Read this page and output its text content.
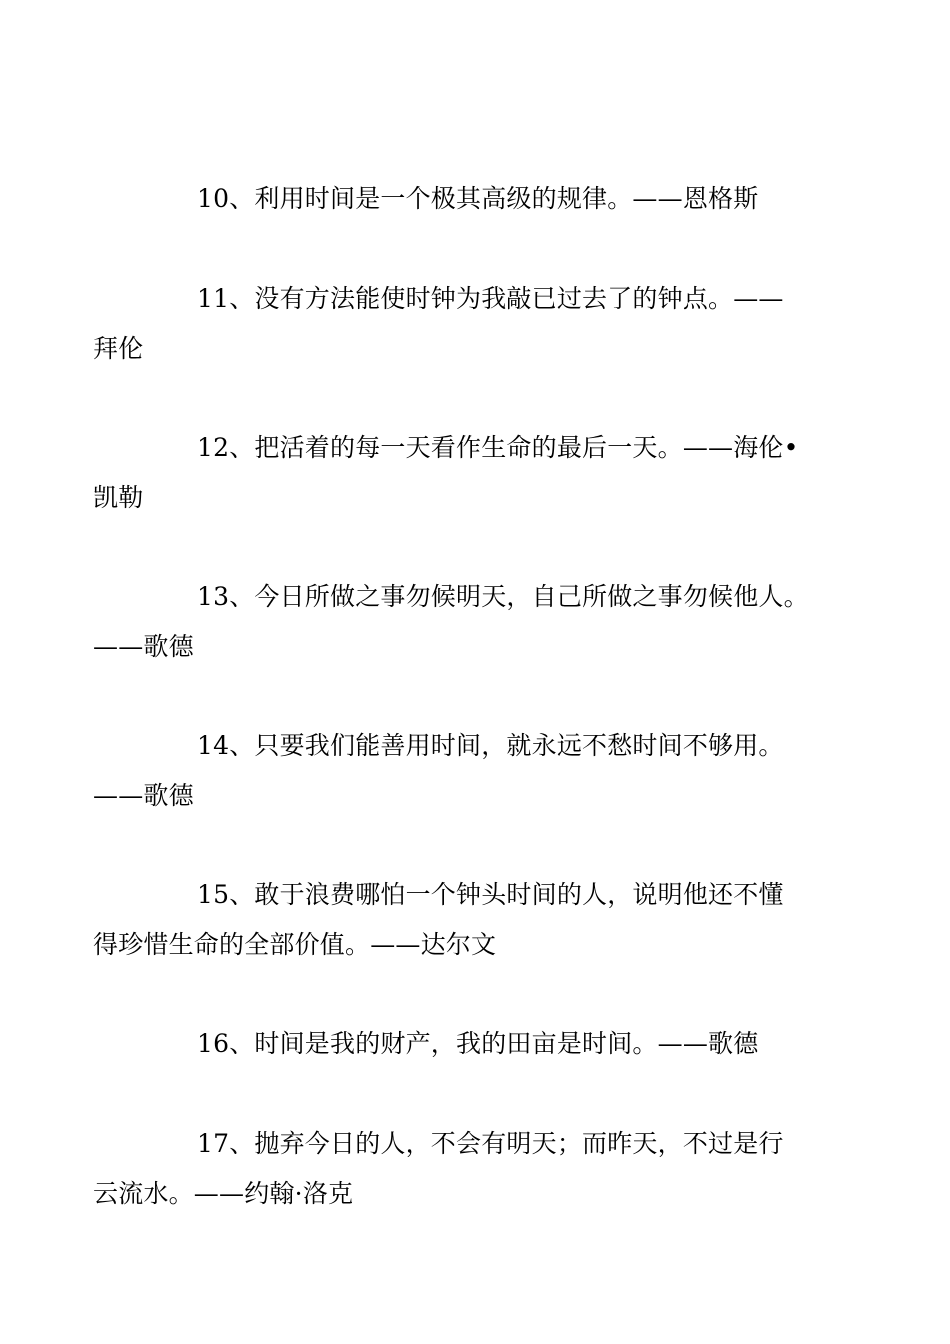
10、利用时间是一个极其高级的规律。——恩格斯
11、没有方法能使时钟为我敲已过去了的钟点。——
拜伦
12、把活着的每一天看作生命的最后一天。——海伦•
凯勒
13、今日所做之事勿候明天，自己所做之事勿候他人。
——歌德
14、只要我们能善用时间，就永远不愁时间不够用。
——歌德
15、敢于浪费哪怕一个钟头时间的人，说明他还不懂
得珍惜生命的全部价值。——达尔文
16、时间是我的财产，我的田亩是时间。——歌德
17、抛弃今日的人，不会有明天；而昨天，不过是行
云流水。——约翰·洛克
